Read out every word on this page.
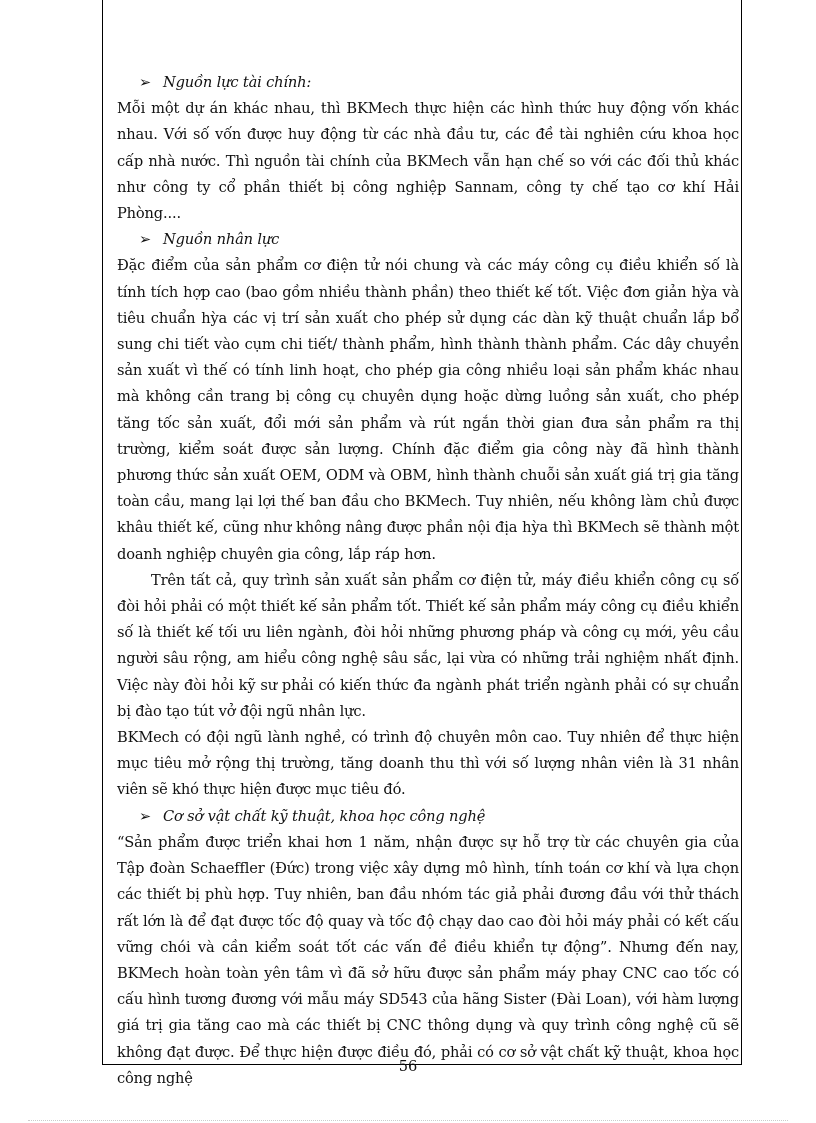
➢ Nguồn lực tài chính:

Mỗi một dự án khác nhau, thì BKMech thực hiện các hình thức huy động vốn khác nhau. Với số vốn được huy động từ các nhà đầu tư, các đề tài nghiên cứu khoa học cấp nhà nước. Thì nguồn tài chính của BKMech vẫn hạn chế so với các đối thủ khác như công ty cổ phần thiết bị công nghiệp Sannam, công ty chế tạo cơ khí Hải Phòng....

➢ Nguồn nhân lực

Đặc điểm của sản phẩm cơ điện tử nói chung và các máy công cụ điều khiển số là tính tích hợp cao (bao gồm nhiều thành phần) theo thiết kế tốt. Việc đơn giản hỳa và tiêu chuẩn hỳa các vị trí sản xuất cho phép sử dụng các dàn kỹ thuật chuẩn lắp bổ sung chi tiết vào cụm chi tiết/ thành phẩm, hình thành thành phẩm. Các dây chuyền sản xuất vì thế có tính linh hoạt, cho phép gia công nhiều loại sản phẩm khác nhau mà không cần trang bị công cụ chuyên dụng hoặc dừng luồng sản xuất, cho phép tăng tốc sản xuất, đổi mới sản phẩm và rút ngắn thời gian đưa sản phẩm ra thị trường, kiểm soát được sản lượng. Chính đặc điểm gia công này đã hình thành phương thức sản xuất OEM, ODM và OBM, hình thành chuỗi sản xuất giá trị gia tăng toàn cầu, mang lại lợi thế ban đầu cho BKMech. Tuy nhiên, nếu không làm chủ được khâu thiết kế, cũng như không nâng được phần nội địa hỳa thì BKMech sẽ thành một doanh nghiệp chuyên gia công, lắp ráp hơn.

Trên tất cả, quy trình sản xuất sản phẩm cơ điện tử, máy điều khiển công cụ số đòi hỏi phải có một thiết kế sản phẩm tốt. Thiết kế sản phẩm máy công cụ điều khiển số là thiết kế tối ưu liên ngành, đòi hỏi những phương pháp và công cụ mới, yêu cầu người sâu rộng, am hiểu công nghệ sâu sắc, lại vừa có những trải nghiệm nhất định. Việc này đòi hỏi kỹ sư phải có kiến thức đa ngành phát triển ngành phải có sự chuẩn bị đào tạo tút vở đội ngũ nhân lực.

BKMech có đội ngũ lành nghề, có trình độ chuyên môn cao. Tuy nhiên để thực hiện mục tiêu mở rộng thị trường, tăng doanh thu thì với số lượng nhân viên là 31 nhân viên sẽ khó thực hiện được mục tiêu đó.

➢ Cơ sở vật chất kỹ thuật, khoa học công nghệ

“Sản phẩm được triển khai hơn 1 năm, nhận được sự hỗ trợ từ các chuyên gia của Tập đoàn Schaeffler (Đức) trong việc xây dựng mô hình, tính toán cơ khí và lựa chọn các thiết bị phù hợp. Tuy nhiên, ban đầu nhóm tác giả phải đương đầu với thử thách rất lớn là để đạt được tốc độ quay và tốc độ chạy dao cao đòi hỏi máy phải có kết cấu vững chói và cần kiểm soát tốt các vấn đề điều khiển tự động”. Nhưng đến nay, BKMech hoàn toàn yên tâm vì đã sở hữu được sản phẩm máy phay CNC cao tốc có cấu hình tương đương với mẫu máy SD543 của hãng Sister (Đài Loan), với hàm lượng giá trị gia tăng cao mà các thiết bị CNC thông dụng và quy trình công nghệ cũ sẽ không đạt được. Để thực hiện được điều đó, phải có cơ sở vật chất kỹ thuật, khoa học công nghệ

56
